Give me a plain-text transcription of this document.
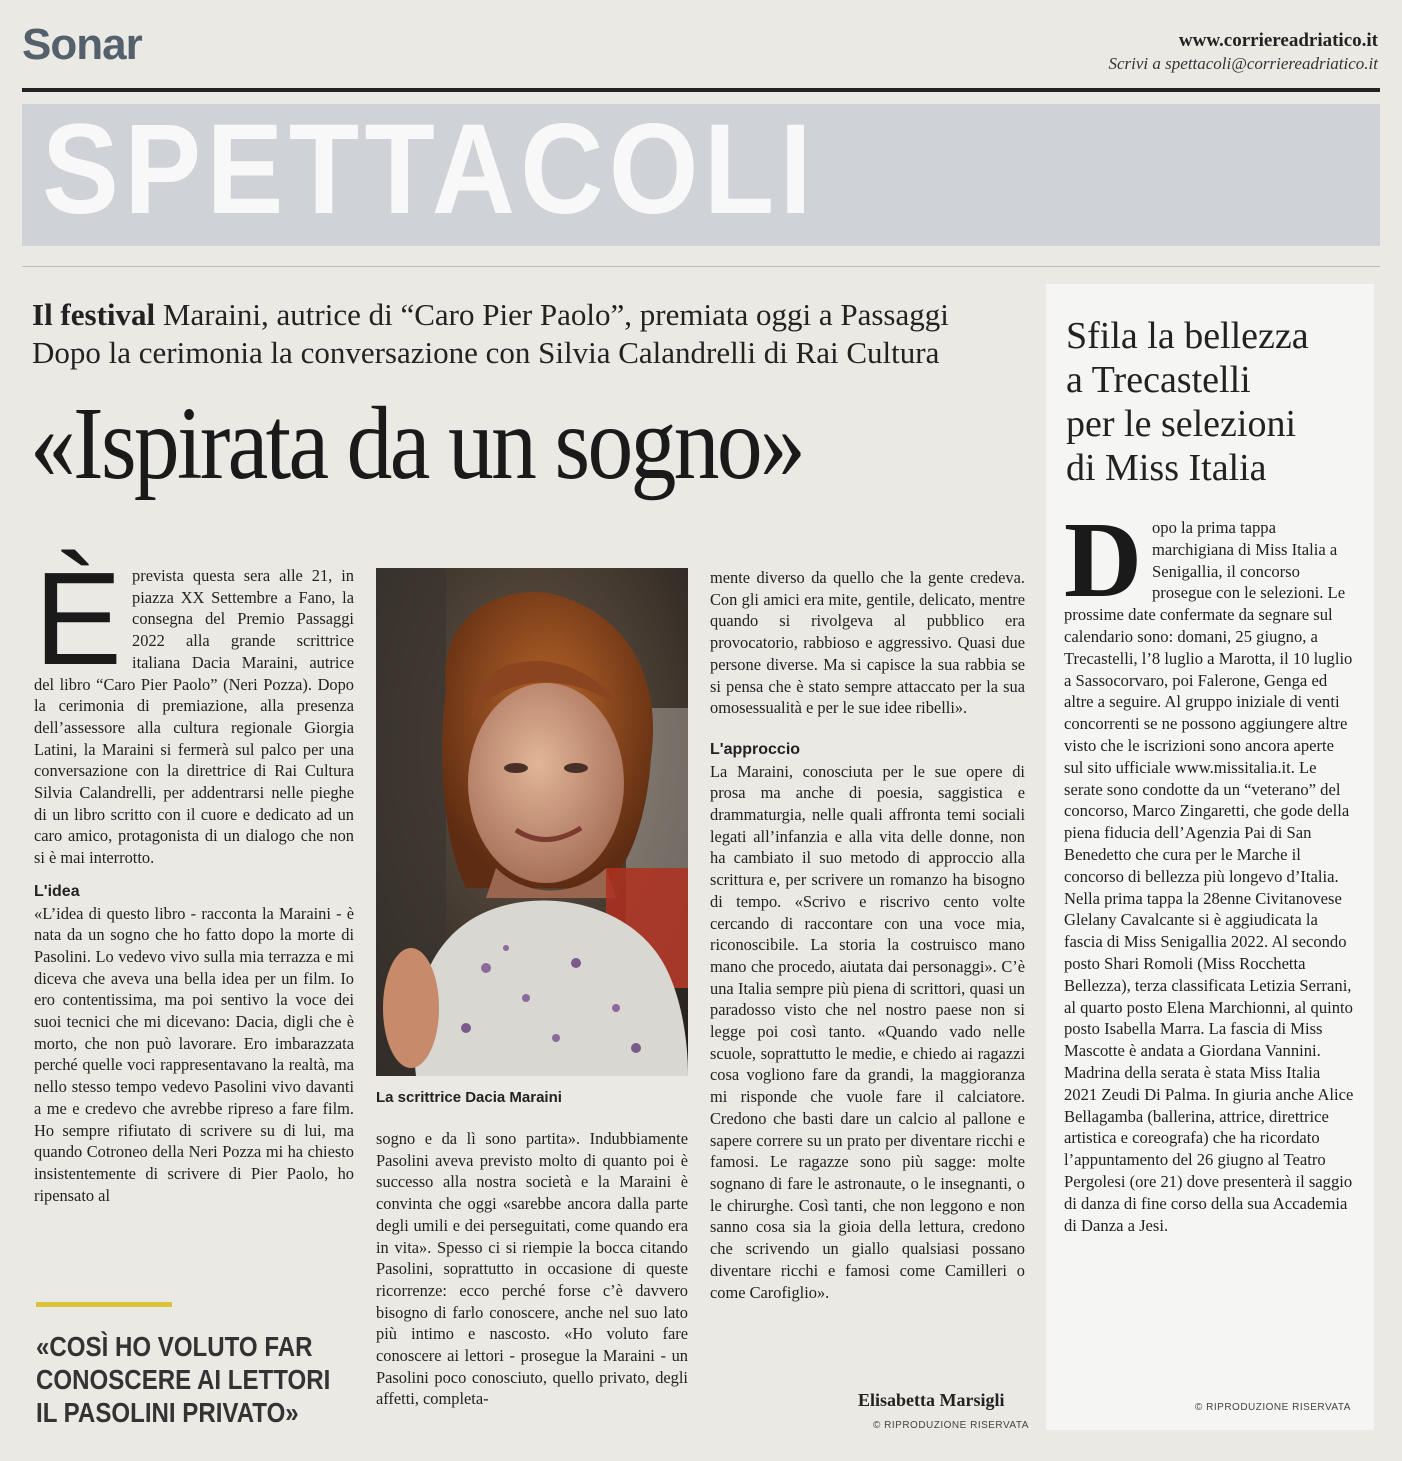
Sonar	www.corriereadriatico.it
Scrivi a spettacoli@corriereadriatico.it
SPETTACOLI
Il festival Maraini, autrice di “Caro Pier Paolo”, premiata oggi a Passaggi
Dopo la cerimonia la conversazione con Silvia Calandrelli di Rai Cultura
«Ispirata da un sogno»

Èprevista questa sera alle 21, in piazza XX Settembre a Fano, la consegna del Premio Passaggi 2022 alla grande scrittrice italiana Dacia Maraini, autrice del libro “Caro Pier Paolo” (Neri Pozza). Dopo la cerimonia di premiazione, alla presenza dell’assessore alla cultura regionale Giorgia Latini, la Maraini si fermerà sul palco per una conversazione con la direttrice di Rai Cultura Silvia Calandrelli, per addentrarsi nelle pieghe di un libro scritto con il cuore e dedicato ad un caro amico, protagonista di un dialogo che non si è mai interrotto.

L'idea

«L’idea di questo libro - racconta la Maraini - è nata da un sogno che ho fatto dopo la morte di Pasolini. Lo vedevo vivo sulla mia terrazza e mi diceva che aveva una bella idea per un film. Io ero contentissima, ma poi sentivo la voce dei suoi tecnici che mi dicevano: Dacia, digli che è morto, che non può lavorare. Ero imbarazzata perché quelle voci rappresentavano la realtà, ma nello stesso tempo vedevo Pasolini vivo davanti a me e credevo che avrebbe ripreso a fare film. Ho sempre rifiutato di scrivere su di lui, ma quando Cotroneo della Neri Pozza mi ha chiesto insistentemente di scrivere di Pier Paolo, ho ripensato al

La scrittrice Dacia Maraini

sogno e da lì sono partita». Indubbiamente Pasolini aveva previsto molto di quanto poi è successo alla nostra società e la Maraini è convinta che oggi «sarebbe ancora dalla parte degli umili e dei perseguitati, come quando era in vita». Spesso ci si riempie la bocca citando Pasolini, soprattutto in occasione di queste ricorrenze: ecco perché forse c’è davvero bisogno di farlo conoscere, anche nel suo lato più intimo e nascosto. «Ho voluto fare conoscere ai lettori - prosegue la Maraini - un Pasolini poco conosciuto, quello privato, degli affetti, completa-

mente diverso da quello che la gente credeva. Con gli amici era mite, gentile, delicato, mentre quando si rivolgeva al pubblico era provocatorio, rabbioso e aggressivo. Quasi due persone diverse. Ma si capisce la sua rabbia se si pensa che è stato sempre attaccato per la sua omosessualità e per le sue idee ribelli».

L'approccio

La Maraini, conosciuta per le sue opere di prosa ma anche di poesia, saggistica e drammaturgia, nelle quali affronta temi sociali legati all’infanzia e alla vita delle donne, non ha cambiato il suo metodo di approccio alla scrittura e, per scrivere un romanzo ha bisogno di tempo. «Scrivo e riscrivo cento volte cercando di raccontare con una voce mia, riconoscibile. La storia la costruisco mano mano che procedo, aiutata dai personaggi». C’è una Italia sempre più piena di scrittori, quasi un paradosso visto che nel nostro paese non si legge poi così tanto. «Quando vado nelle scuole, soprattutto le medie, e chiedo ai ragazzi cosa vogliono fare da grandi, la maggioranza mi risponde che vuole fare il calciatore. Credono che basti dare un calcio al pallone e sapere correre su un prato per diventare ricchi e famosi. Le ragazze sono più sagge: molte sognano di fare le astronaute, o le insegnanti, o le chirurghe. Così tanti, che non leggono e non sanno cosa sia la gioia della lettura, credono che scrivendo un giallo qualsiasi possano diventare ricchi e famosi come Camilleri o come Carofiglio».

Elisabetta Marsigli
© RIPRODUZIONE RISERVATA
«COSÌ HO VOLUTO FAR
CONOSCERE AI LETTORI
IL PASOLINI PRIVATO»
Sfila la bellezza
a Trecastelli
per le selezioni
di Miss Italia

Dopo la prima tappa marchigiana di Miss Italia a Senigallia, il concorso prosegue con le selezioni. Le prossime date confermate da segnare sul calendario sono: domani, 25 giugno, a Trecastelli, l’8 luglio a Marotta, il 10 luglio a Sassocorvaro, poi Falerone, Genga ed altre a seguire. Al gruppo iniziale di venti concorrenti se ne possono aggiungere altre visto che le iscrizioni sono ancora aperte sul sito ufficiale www.missitalia.it. Le serate sono condotte da un “veterano” del concorso, Marco Zingaretti, che gode della piena fiducia dell’Agenzia Pai di San Benedetto che cura per le Marche il concorso di bellezza più longevo d’Italia. Nella prima tappa la 28enne Civitanovese Glelany Cavalcante si è aggiudicata la fascia di Miss Senigallia 2022. Al secondo posto Shari Romoli (Miss Rocchetta Bellezza), terza classificata Letizia Serrani, al quarto posto Elena Marchionni, al quinto posto Isabella Marra. La fascia di Miss Mascotte è andata a Giordana Vannini. Madrina della serata è stata Miss Italia 2021 Zeudi Di Palma. In giuria anche Alice Bellagamba (ballerina, attrice, direttrice artistica e coreografa) che ha ricordato l’appuntamento del 26 giugno al Teatro Pergolesi (ore 21) dove presenterà il saggio di danza di fine corso della sua Accademia di Danza a Jesi.

© RIPRODUZIONE RISERVATA
